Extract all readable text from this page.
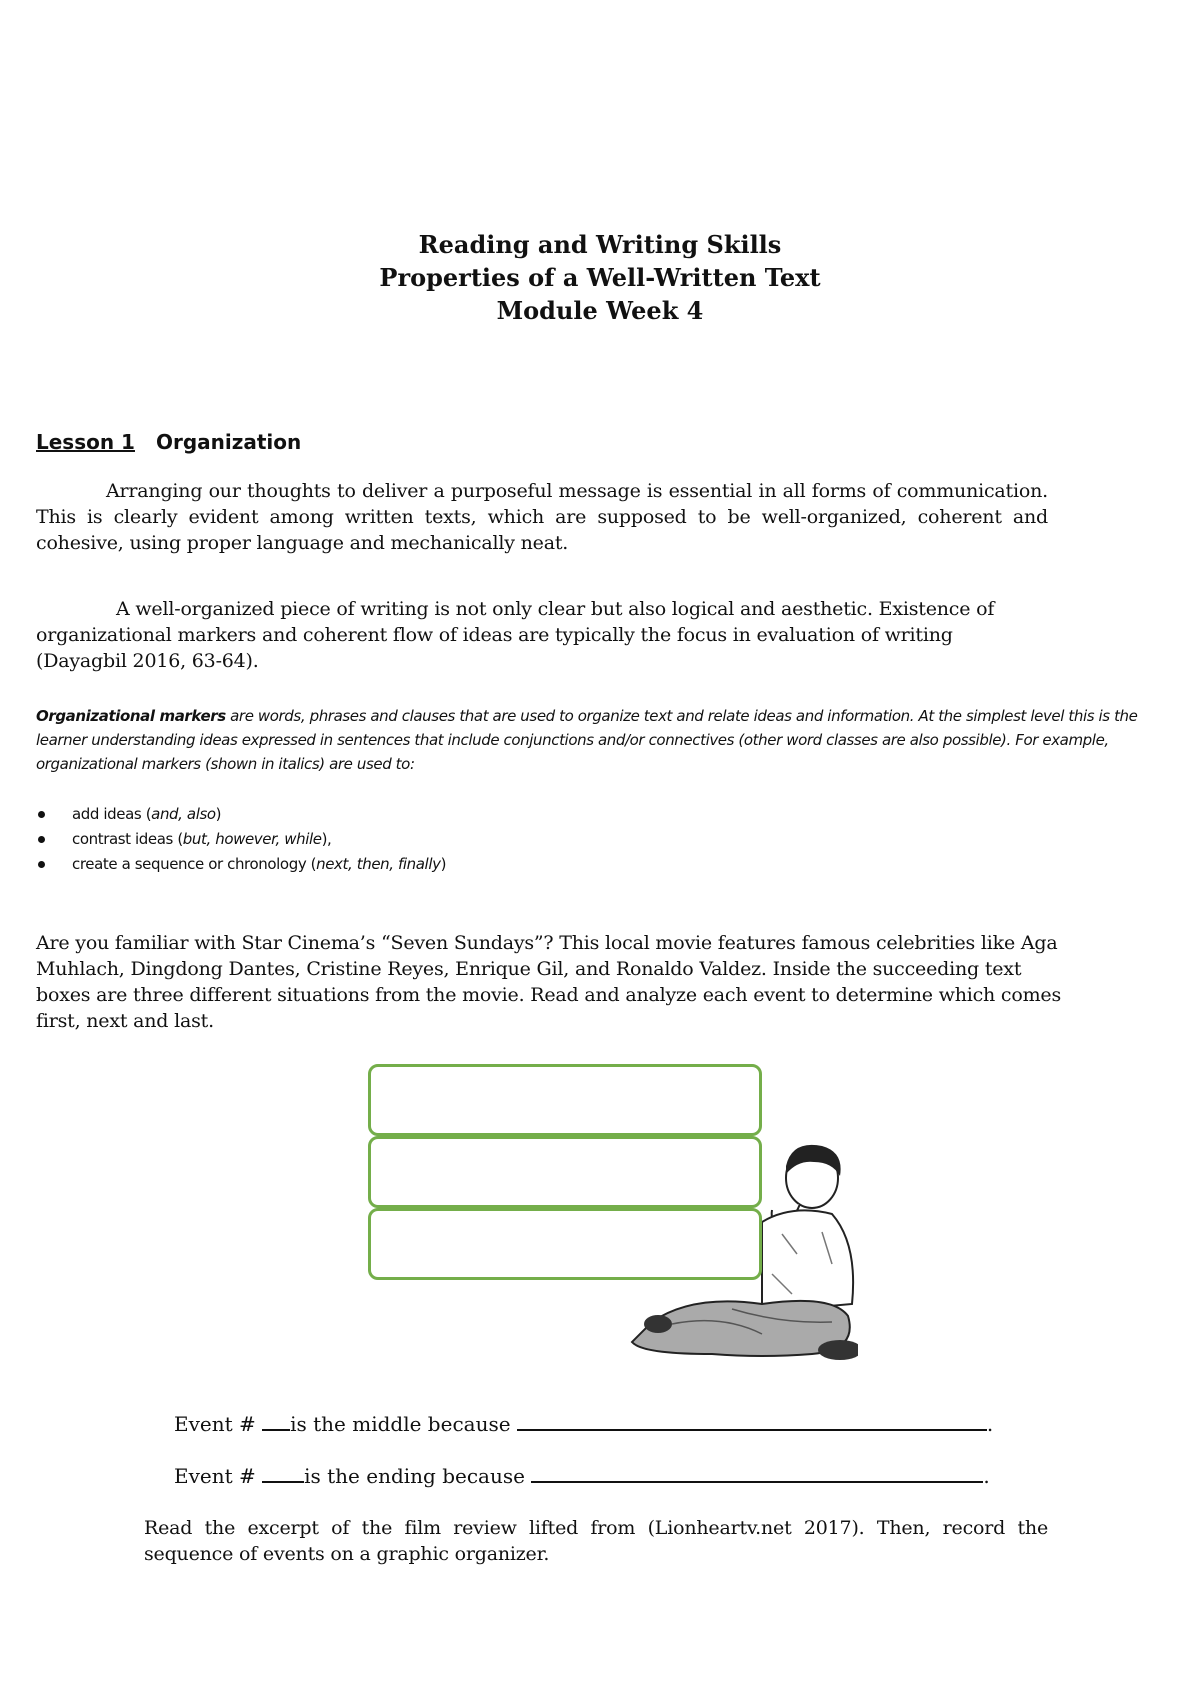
Reading and Writing Skills
Properties of a Well-Written Text
Module Week 4
Lesson 1 Organization
Arranging our thoughts to deliver a purposeful message is essential in all forms of communication. This is clearly evident among written texts, which are supposed to be well-organized, coherent and cohesive, using proper language and mechanically neat.
A well-organized piece of writing is not only clear but also logical and aesthetic. Existence of organizational markers and coherent flow of ideas are typically the focus in evaluation of writing (Dayagbil 2016, 63-64).
Organizational markers are words, phrases and clauses that are used to organize text and relate ideas and information. At the simplest level this is the learner understanding ideas expressed in sentences that include conjunctions and/or connectives (other word classes are also possible). For example, organizational markers (shown in italics) are used to:
add ideas (and, also)
contrast ideas (but, however, while),
create a sequence or chronology (next, then, finally)
Are you familiar with Star Cinema’s “Seven Sundays”? This local movie features famous celebrities like Aga Muhlach, Dingdong Dantes, Cristine Reyes, Enrique Gil, and Ronaldo Valdez. Inside the succeeding text boxes are three different situations from the movie. Read and analyze each event to determine which comes first, next and last.
Event # is the middle because	.
Event # is the ending because	.
Read the excerpt of the film review lifted from (Lionheartv.net 2017). Then, record the sequence of events on a graphic organizer.
